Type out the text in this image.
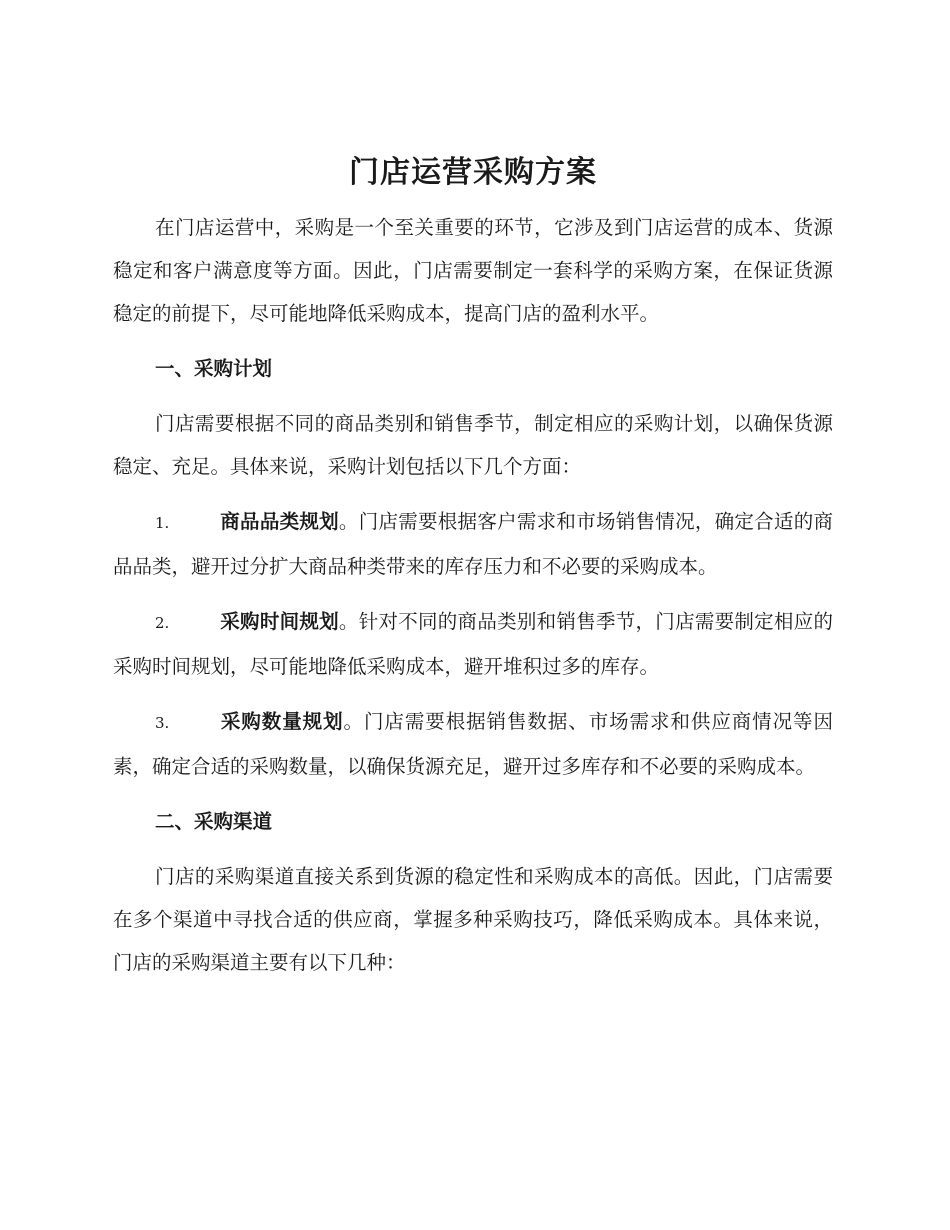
门店运营采购方案

在门店运营中，采购是一个至关重要的环节，它涉及到门店运营的成本、货源稳定和客户满意度等方面。因此，门店需要制定一套科学的采购方案，在保证货源稳定的前提下，尽可能地降低采购成本，提高门店的盈利水平。

一、采购计划

门店需要根据不同的商品类别和销售季节，制定相应的采购计划，以确保货源稳定、充足。具体来说，采购计划包括以下几个方面：

1.	商品品类规划。门店需要根据客户需求和市场销售情况，确定合适的商品品类，避开过分扩大商品种类带来的库存压力和不必要的采购成本。
2.	采购时间规划。针对不同的商品类别和销售季节，门店需要制定相应的采购时间规划，尽可能地降低采购成本，避开堆积过多的库存。
3.	采购数量规划。门店需要根据销售数据、市场需求和供应商情况等因素，确定合适的采购数量，以确保货源充足，避开过多库存和不必要的采购成本。
二、采购渠道

门店的采购渠道直接关系到货源的稳定性和采购成本的高低。因此，门店需要在多个渠道中寻找合适的供应商，掌握多种采购技巧，降低采购成本。具体来说，门店的采购渠道主要有以下几种：
